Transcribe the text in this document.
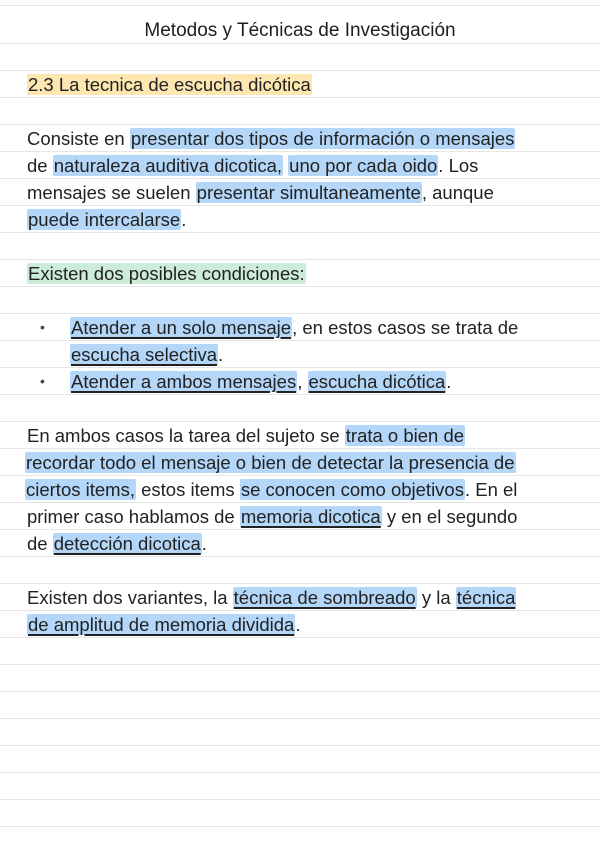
Metodos y Técnicas de Investigación
2.3 La tecnica de escucha dicótica
Consiste en presentar dos tipos de información o mensajes
de naturaleza auditiva dicotica, uno por cada oido. Los
mensajes se suelen presentar simultaneamente, aunque
puede intercalarse.
Existen dos posibles condiciones:
• Atender a un solo mensaje, en estos casos se trata de
escucha selectiva.
• Atender a ambos mensajes, escucha dicótica.
En ambos casos la tarea del sujeto se trata o bien de
recordar todo el mensaje o bien de detectar la presencia de
ciertos items, estos items se conocen como objetivos. En el
primer caso hablamos de memoria dicotica y en el segundo
de detección dicotica.
Existen dos variantes, la técnica de sombreado y la técnica
de amplitud de memoria dividida.
